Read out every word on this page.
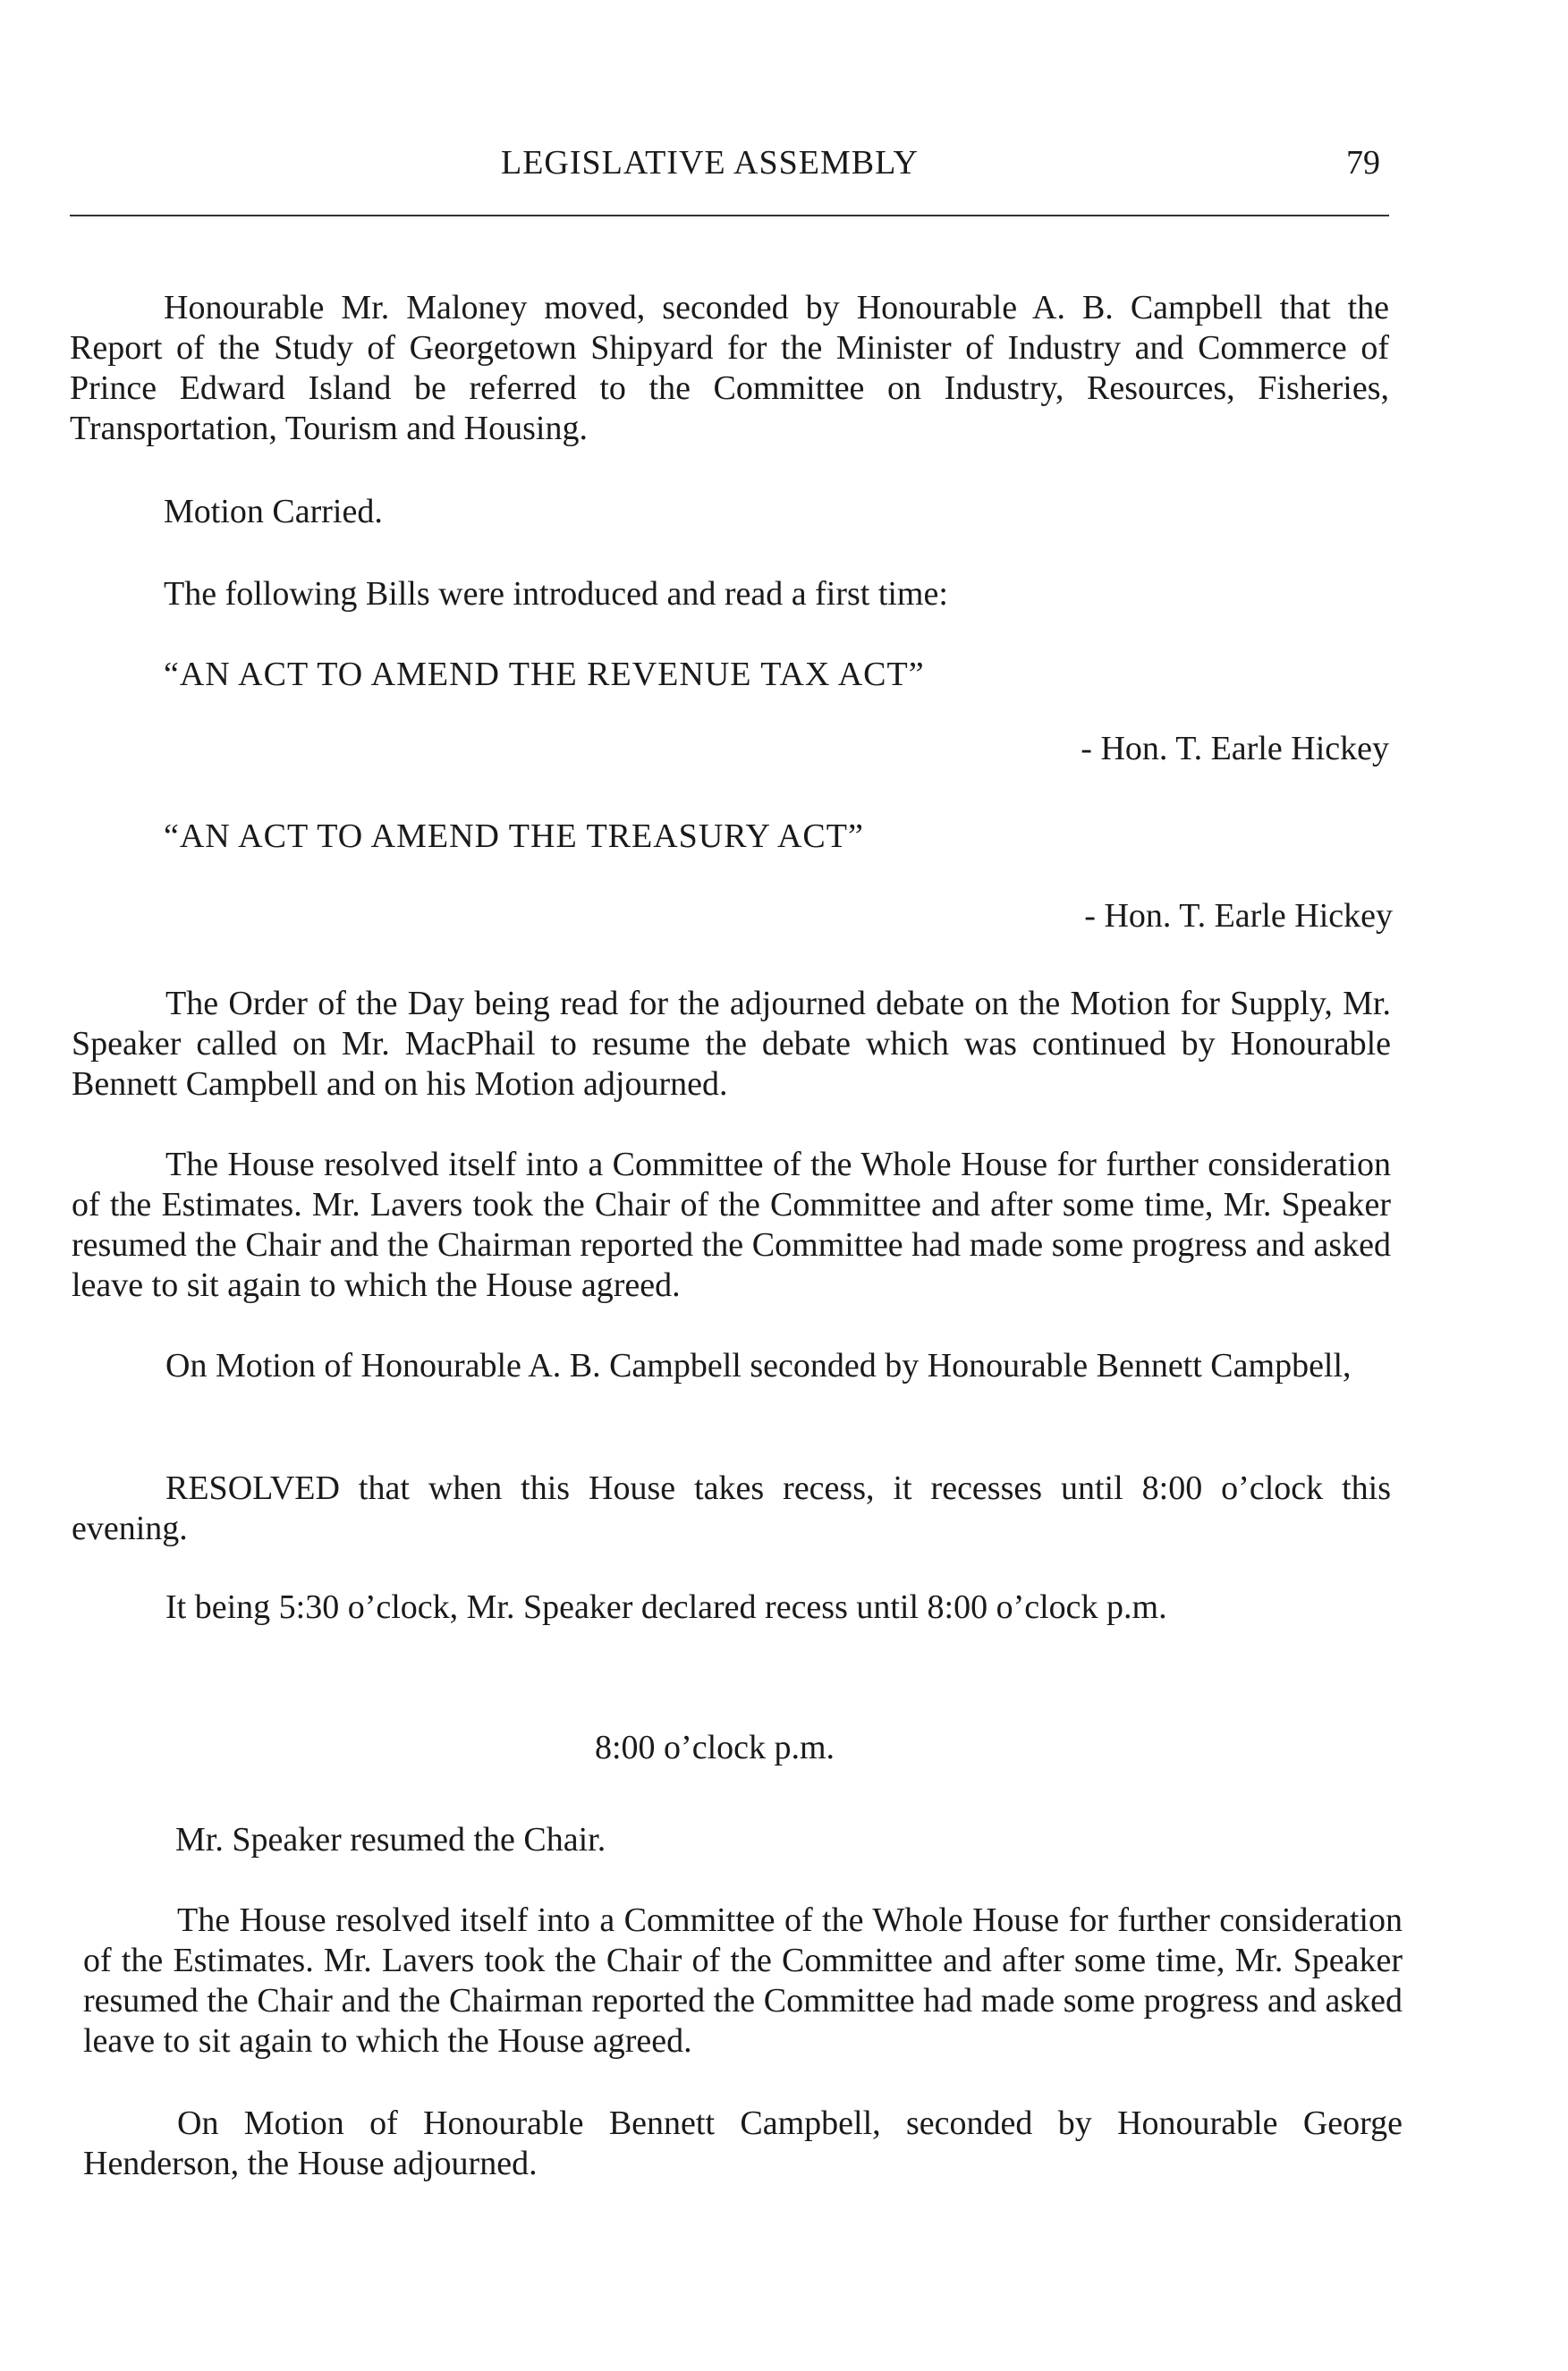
LEGISLATIVE ASSEMBLY	79

Honourable Mr. Maloney moved, seconded by Honourable A. B. Campbell that the Report of the Study of Georgetown Shipyard for the Minister of Industry and Commerce of Prince Edward Island be referred to the Committee on Industry, Resources, Fisheries, Transportation, Tourism and Housing.

Motion Carried.

The following Bills were introduced and read a first time:

“AN ACT TO AMEND THE REVENUE TAX ACT”

- Hon. T. Earle Hickey

“AN ACT TO AMEND THE TREASURY ACT”

- Hon. T. Earle Hickey

The Order of the Day being read for the adjourned debate on the Motion for Supply, Mr. Speaker called on Mr. MacPhail to resume the debate which was continued by Honourable Bennett Campbell and on his Motion adjourned.

The House resolved itself into a Committee of the Whole House for further consideration of the Estimates. Mr. Lavers took the Chair of the Committee and after some time, Mr. Speaker resumed the Chair and the Chairman reported the Committee had made some progress and asked leave to sit again to which the House agreed.

On Motion of Honourable A. B. Campbell seconded by Honourable Bennett Campbell,

RESOLVED that when this House takes recess, it recesses until 8:00 o’clock this evening.

It being 5:30 o’clock, Mr. Speaker declared recess until 8:00 o’clock p.m.

8:00 o’clock p.m.

Mr. Speaker resumed the Chair.

The House resolved itself into a Committee of the Whole House for further consideration of the Estimates. Mr. Lavers took the Chair of the Committee and after some time, Mr. Speaker resumed the Chair and the Chairman reported the Committee had made some progress and asked leave to sit again to which the House agreed.

On Motion of Honourable Bennett Campbell, seconded by Honourable George Henderson, the House adjourned.
